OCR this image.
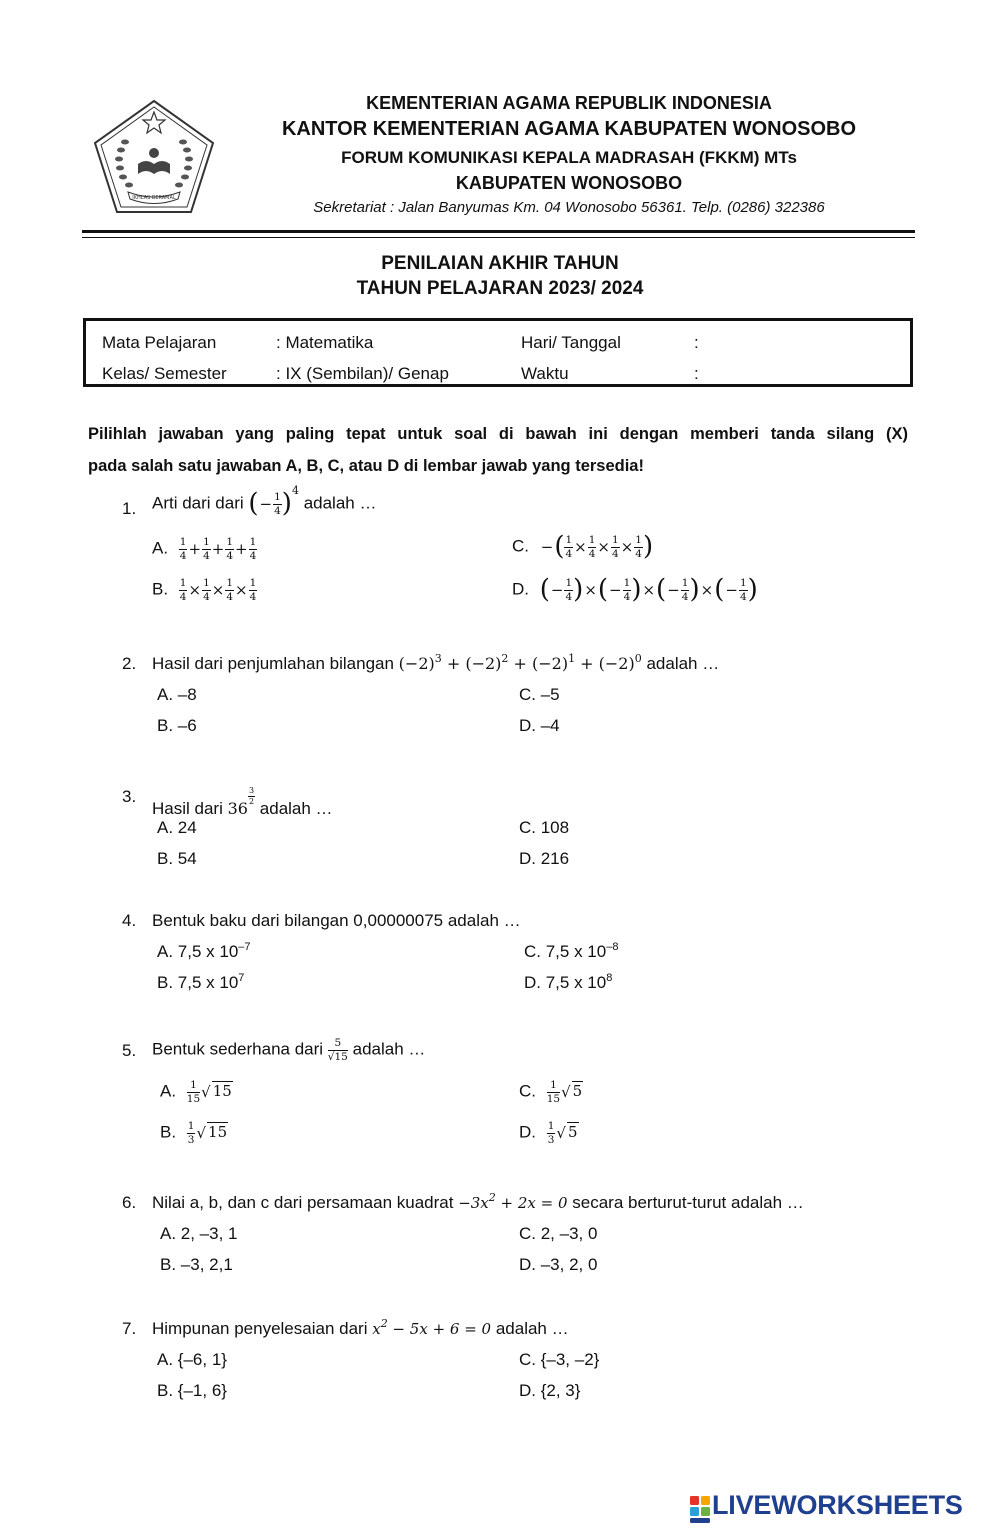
IKHLAS BERAMAL
KEMENTERIAN AGAMA REPUBLIK INDONESIA
KANTOR KEMENTERIAN AGAMA KABUPATEN WONOSOBO
FORUM KOMUNIKASI KEPALA MADRASAH (FKKM) MTs
KABUPATEN WONOSOBO
Sekretariat : Jalan Banyumas Km. 04 Wonosobo 56361. Telp. (0286) 322386
PENILAIAN AKHIR TAHUN
TAHUN PELAJARAN 2023/ 2024
Mata Pelajaran	: Matematika	Hari/ Tanggal	:
Kelas/ Semester	: IX (Sembilan)/ Genap	Waktu	:
Pilihlah jawaban yang paling tepat untuk soal di bawah ini dengan memberi tanda silang (X)
pada salah satu jawaban A, B, C, atau D di lembar jawab yang tersedia!
1. Arti dari dari (− $\frac{1}{4} )^4$ adalah …
A. $\frac{1}{4} + \frac{1}{4} + \frac{1}{4} + \frac{1}{4}$
B. $\frac{1}{4} \times \frac{1}{4} \times \frac{1}{4} \times \frac{1}{4}$
C. −( $\frac{1}{4} \times \frac{1}{4} \times \frac{1}{4} \times \frac{1}{4}$ )
D. (− $\frac{1}{4}$ )×(− $\frac{1}{4}$ )×(− $\frac{1}{4}$ )×(− $\frac{1}{4}$ )
2. Hasil dari penjumlahan bilangan $(-2)^3 + (-2)^2 + (-2)^1 + (-2)^0$ adalah …
A. –8
B. –6
C. –5
D. –4
3.
Hasil dari 36
$\frac{3}{2}$
adalah …
A. 24
B. 54
C. 108
D. 216
4. Bentuk baku dari bilangan 0,00000075 adalah …
A. 7,5 x $10^{-7}$
B. 7,5 x $10^7$
C. 7,5 x $10^{-8}$
D. 7,5 x $10^8$
5. Bentuk sederhana dari $\frac{5}{√15}$ adalah …
A. $\frac{1}{15}$ √ 15
B. $\frac{1}{3}$ √ 15
C. $\frac{1}{15}$ √ 5
D. $\frac{1}{3}$ √ 5
6. Nilai a, b, dan c dari persamaan kuadrat $-3x^2 + 2x = 0$ secara berturut-turut adalah …
A. 2, –3, 1
B. –3, 2,1
C. 2, –3, 0
D. –3, 2, 0
7. Himpunan penyelesaian dari $x^2 - 5x + 6 = 0$ adalah …
A. {–6, 1}
B. {–1, 6}
C. {–3, –2}
D. {2, 3}
LIVEWORKSHEETS
